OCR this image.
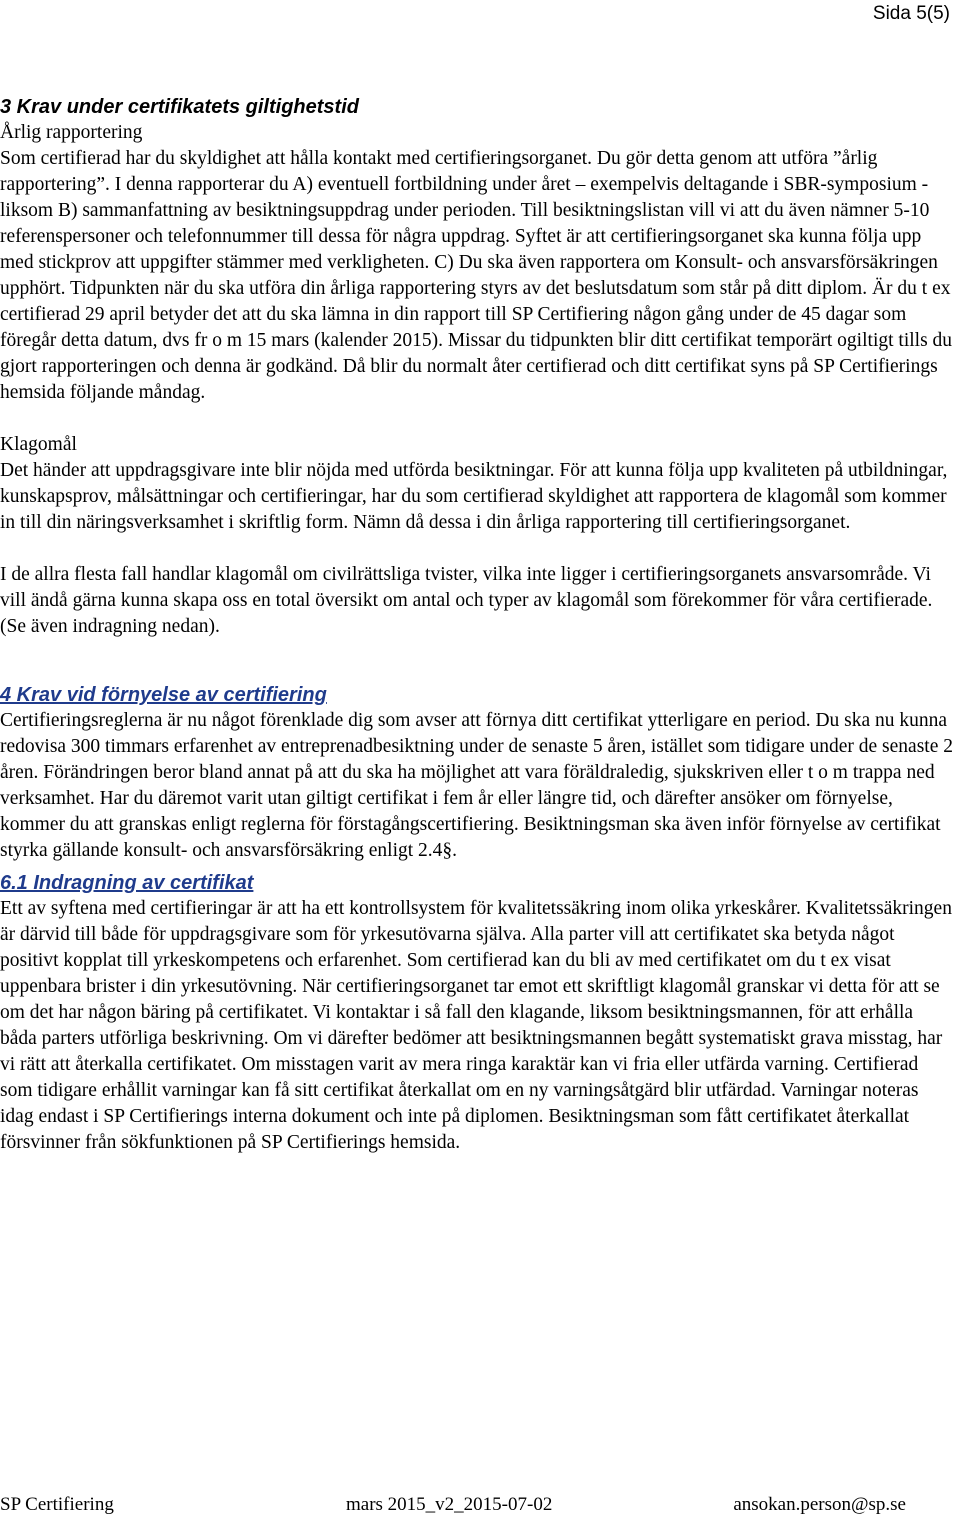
Sida 5(5)
3 Krav under certifikatets giltighetstid

Årlig rapportering

Som certifierad har du skyldighet att hålla kontakt med certifieringsorganet. Du gör detta genom att utföra ”årlig rapportering”. I denna rapporterar du A) eventuell fortbildning under året – exempelvis deltagande i SBR-symposium - liksom B) sammanfattning av besiktningsuppdrag under perioden. Till besiktningslistan vill vi att du även nämner 5-10 referenspersoner och telefonnummer till dessa för några uppdrag. Syftet är att certifieringsorganet ska kunna följa upp med stickprov att uppgifter stämmer med verkligheten. C) Du ska även rapportera om Konsult- och ansvarsförsäkringen upphört. Tidpunkten när du ska utföra din årliga rapportering styrs av det beslutsdatum som står på ditt diplom. Är du t ex certifierad 29 april betyder det att du ska lämna in din rapport till SP Certifiering någon gång under de 45 dagar som föregår detta datum, dvs fr o m 15 mars (kalender 2015). Missar du tidpunkten blir ditt certifikat temporärt ogiltigt tills du gjort rapporteringen och denna är godkänd. Då blir du normalt åter certifierad och ditt certifikat syns på SP Certifierings hemsida följande måndag.

Klagomål

Det händer att uppdragsgivare inte blir nöjda med utförda besiktningar. För att kunna följa upp kvaliteten på utbildningar, kunskapsprov, målsättningar och certifieringar, har du som certifierad skyldighet att rapportera de klagomål som kommer in till din näringsverksamhet i skriftlig form. Nämn då dessa i din årliga rapportering till certifieringsorganet.

I de allra flesta fall handlar klagomål om civilrättsliga tvister, vilka inte ligger i certifieringsorganets ansvarsområde. Vi vill ändå gärna kunna skapa oss en total översikt om antal och typer av klagomål som förekommer för våra certifierade. (Se även indragning nedan).

4 Krav vid förnyelse av certifiering

Certifieringsreglerna är nu något förenklade dig som avser att förnya ditt certifikat ytterligare en period. Du ska nu kunna redovisa 300 timmars erfarenhet av entreprenadbesiktning under de senaste 5 åren, istället som tidigare under de senaste 2 åren. Förändringen beror bland annat på att du ska ha möjlighet att vara föräldraledig, sjukskriven eller t o m trappa ned verksamhet. Har du däremot varit utan giltigt certifikat i fem år eller längre tid, och därefter ansöker om förnyelse, kommer du att granskas enligt reglerna för förstagångscertifiering. Besiktningsman ska även inför förnyelse av certifikat styrka gällande konsult- och ansvarsförsäkring enligt 2.4§.

6.1 Indragning av certifikat

Ett av syftena med certifieringar är att ha ett kontrollsystem för kvalitetssäkring inom olika yrkeskårer. Kvalitetssäkringen är därvid till både för uppdragsgivare som för yrkesutövarna själva. Alla parter vill att certifikatet ska betyda något positivt kopplat till yrkeskompetens och erfarenhet. Som certifierad kan du bli av med certifikatet om du t ex visat uppenbara brister i din yrkesutövning. När certifieringsorganet tar emot ett skriftligt klagomål granskar vi detta för att se om det har någon bäring på certifikatet. Vi kontaktar i så fall den klagande, liksom besiktningsmannen, för att erhålla båda parters utförliga beskrivning. Om vi därefter bedömer att besiktningsmannen begått systematiskt grava misstag, har vi rätt att återkalla certifikatet. Om misstagen varit av mera ringa karaktär kan vi fria eller utfärda varning. Certifierad som tidigare erhållit varningar kan få sitt certifikat återkallat om en ny varningsåtgärd blir utfärdad. Varningar noteras idag endast i SP Certifierings interna dokument och inte på diplomen. Besiktningsman som fått certifikatet återkallat försvinner från sökfunktionen på SP Certifierings hemsida.

SP Certifiering	mars 2015_v2_2015-07-02	ansokan.person@sp.se
